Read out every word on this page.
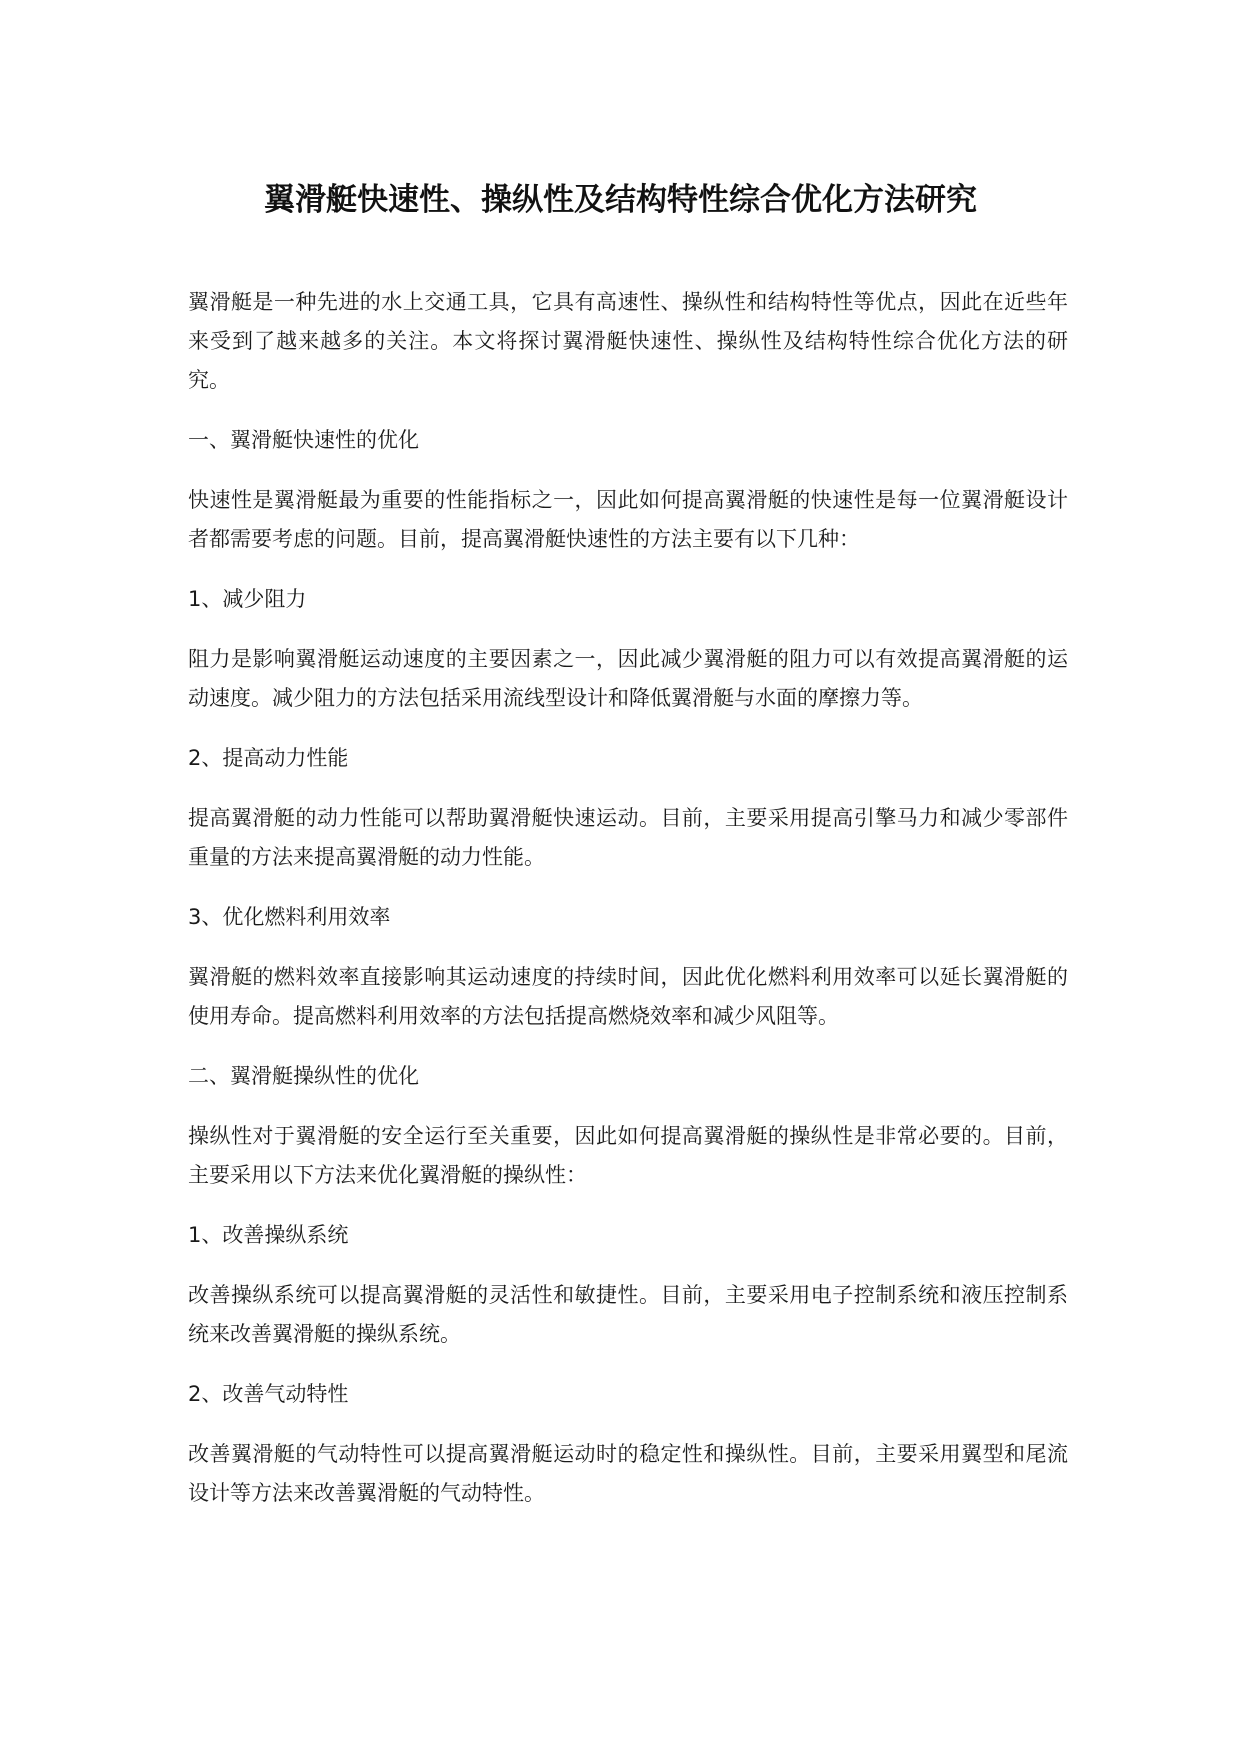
翼滑艇快速性、操纵性及结构特性综合优化方法研究

翼滑艇是一种先进的水上交通工具，它具有高速性、操纵性和结构特性等优点，因此在近些年来受到了越来越多的关注。本文将探讨翼滑艇快速性、操纵性及结构特性综合优化方法的研究。

一、翼滑艇快速性的优化

快速性是翼滑艇最为重要的性能指标之一，因此如何提高翼滑艇的快速性是每一位翼滑艇设计者都需要考虑的问题。目前，提高翼滑艇快速性的方法主要有以下几种：

1、减少阻力

阻力是影响翼滑艇运动速度的主要因素之一，因此减少翼滑艇的阻力可以有效提高翼滑艇的运动速度。减少阻力的方法包括采用流线型设计和降低翼滑艇与水面的摩擦力等。

2、提高动力性能

提高翼滑艇的动力性能可以帮助翼滑艇快速运动。目前，主要采用提高引擎马力和减少零部件重量的方法来提高翼滑艇的动力性能。

3、优化燃料利用效率

翼滑艇的燃料效率直接影响其运动速度的持续时间，因此优化燃料利用效率可以延长翼滑艇的使用寿命。提高燃料利用效率的方法包括提高燃烧效率和减少风阻等。

二、翼滑艇操纵性的优化

操纵性对于翼滑艇的安全运行至关重要，因此如何提高翼滑艇的操纵性是非常必要的。目前，主要采用以下方法来优化翼滑艇的操纵性：

1、改善操纵系统

改善操纵系统可以提高翼滑艇的灵活性和敏捷性。目前，主要采用电子控制系统和液压控制系统来改善翼滑艇的操纵系统。

2、改善气动特性

改善翼滑艇的气动特性可以提高翼滑艇运动时的稳定性和操纵性。目前，主要采用翼型和尾流设计等方法来改善翼滑艇的气动特性。
